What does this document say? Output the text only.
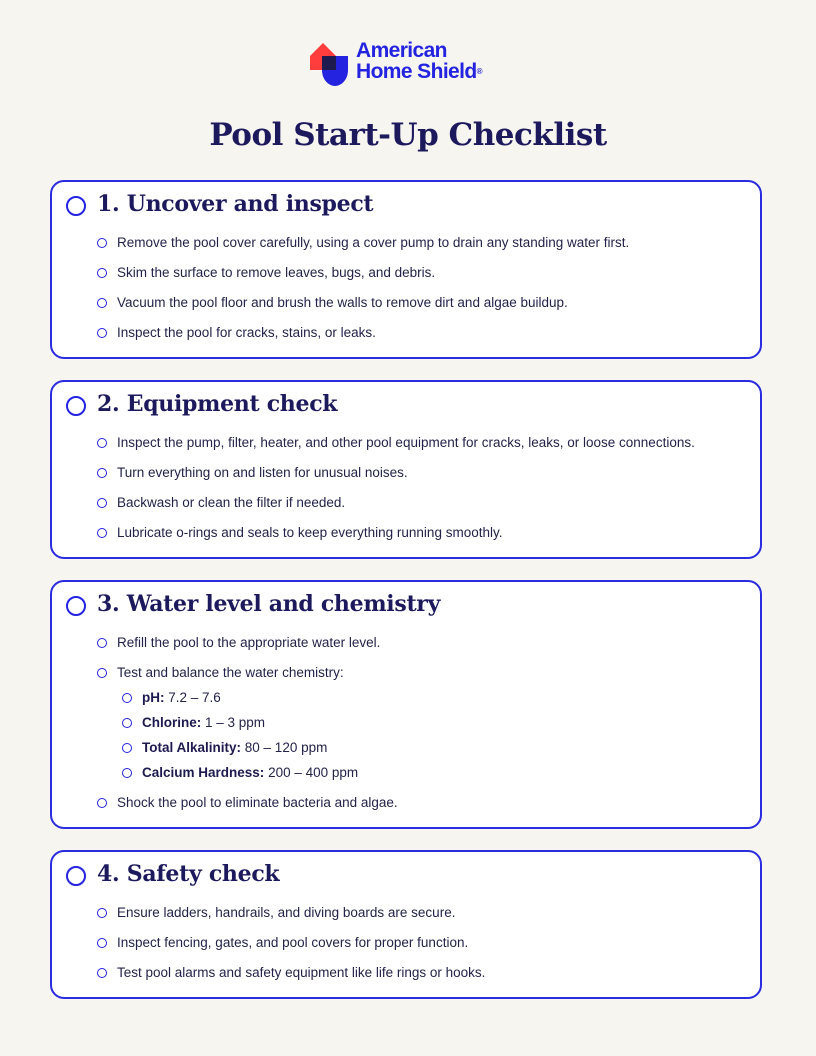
American
Home Shield®
Pool Start-Up Checklist
1. Uncover and inspect
Remove the pool cover carefully, using a cover pump to drain any standing water first.
Skim the surface to remove leaves, bugs, and debris.
Vacuum the pool floor and brush the walls to remove dirt and algae buildup.
Inspect the pool for cracks, stains, or leaks.
2. Equipment check
Inspect the pump, filter, heater, and other pool equipment for cracks, leaks, or loose connections.
Turn everything on and listen for unusual noises.
Backwash or clean the filter if needed.
Lubricate o-rings and seals to keep everything running smoothly.
3. Water level and chemistry
Refill the pool to the appropriate water level.
Test and balance the water chemistry:
pH: 7.2 – 7.6
Chlorine: 1 – 3 ppm
Total Alkalinity: 80 – 120 ppm
Calcium Hardness: 200 – 400 ppm
Shock the pool to eliminate bacteria and algae.
4. Safety check
Ensure ladders, handrails, and diving boards are secure.
Inspect fencing, gates, and pool covers for proper function.
Test pool alarms and safety equipment like life rings or hooks.
